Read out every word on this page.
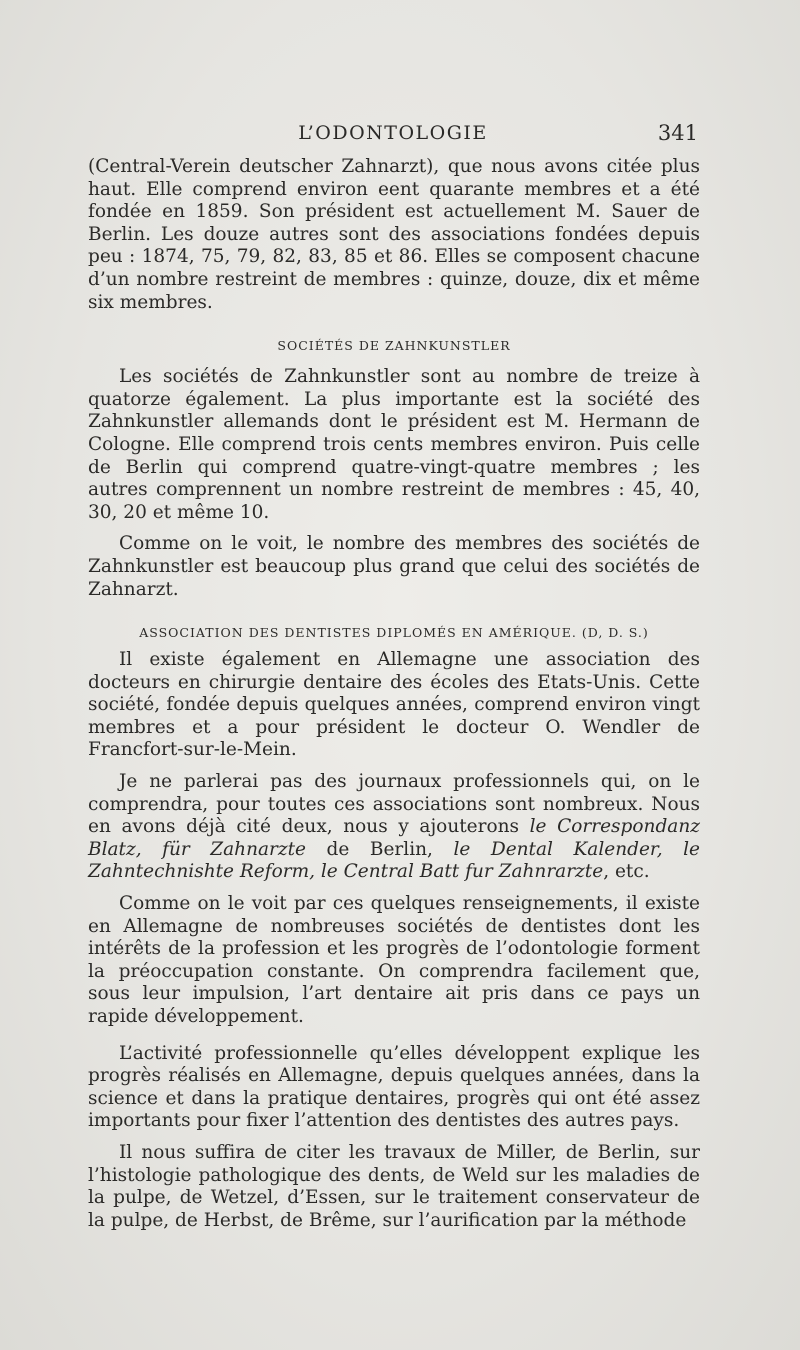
L’ODONTOLOGIE	341

(Central-Verein deutscher Zahnarzt), que nous avons citée plus haut. Elle comprend environ eent quarante membres et a été fondée en 1859. Son président est actuellement M. Sauer de Berlin. Les douze autres sont des associations fondées depuis peu : 1874, 75, 79, 82, 83, 85 et 86. Elles se composent chacune d’un nombre restreint de membres : quinze, douze, dix et même six membres.

SOCIÉTÉS DE ZAHNKUNSTLER

Les sociétés de Zahnkunstler sont au nombre de treize à quatorze également. La plus importante est la société des Zahnkunstler allemands dont le président est M. Hermann de Cologne. Elle comprend trois cents membres environ. Puis celle de Berlin qui comprend quatre-vingt-quatre membres ; les autres comprennent un nombre restreint de membres : 45, 40, 30, 20 et même 10.

Comme on le voit, le nombre des membres des sociétés de Zahnkunstler est beaucoup plus grand que celui des sociétés de Zahnarzt.

ASSOCIATION DES DENTISTES DIPLOMÉS EN AMÉRIQUE. (D, D. S.)

Il existe également en Allemagne une association des docteurs en chirurgie dentaire des écoles des Etats-Unis. Cette société, fondée depuis quelques années, comprend environ vingt membres et a pour président le docteur O. Wendler de Francfort-sur-le-Mein.

Je ne parlerai pas des journaux professionnels qui, on le comprendra, pour toutes ces associations sont nombreux. Nous en avons déjà cité deux, nous y ajouterons le Correspondanz Blatz, für Zahnarzte de Berlin, le Dental Kalender, le Zahntechnishte Reform, le Central Batt fur Zahnrarzte, etc.

Comme on le voit par ces quelques renseignements, il existe en Allemagne de nombreuses sociétés de dentistes dont les intérêts de la profession et les progrès de l’odontologie forment la préoccupation constante. On comprendra facilement que, sous leur impulsion, l’art dentaire ait pris dans ce pays un rapide développement.

L’activité professionnelle qu’elles développent explique les progrès réalisés en Allemagne, depuis quelques années, dans la science et dans la pratique dentaires, progrès qui ont été assez importants pour fixer l’attention des dentistes des autres pays.

Il nous suffira de citer les travaux de Miller, de Berlin, sur l’histologie pathologique des dents, de Weld sur les maladies de la pulpe, de Wetzel, d’Essen, sur le traitement conservateur de la pulpe, de Herbst, de Brême, sur l’aurification par la méthode
